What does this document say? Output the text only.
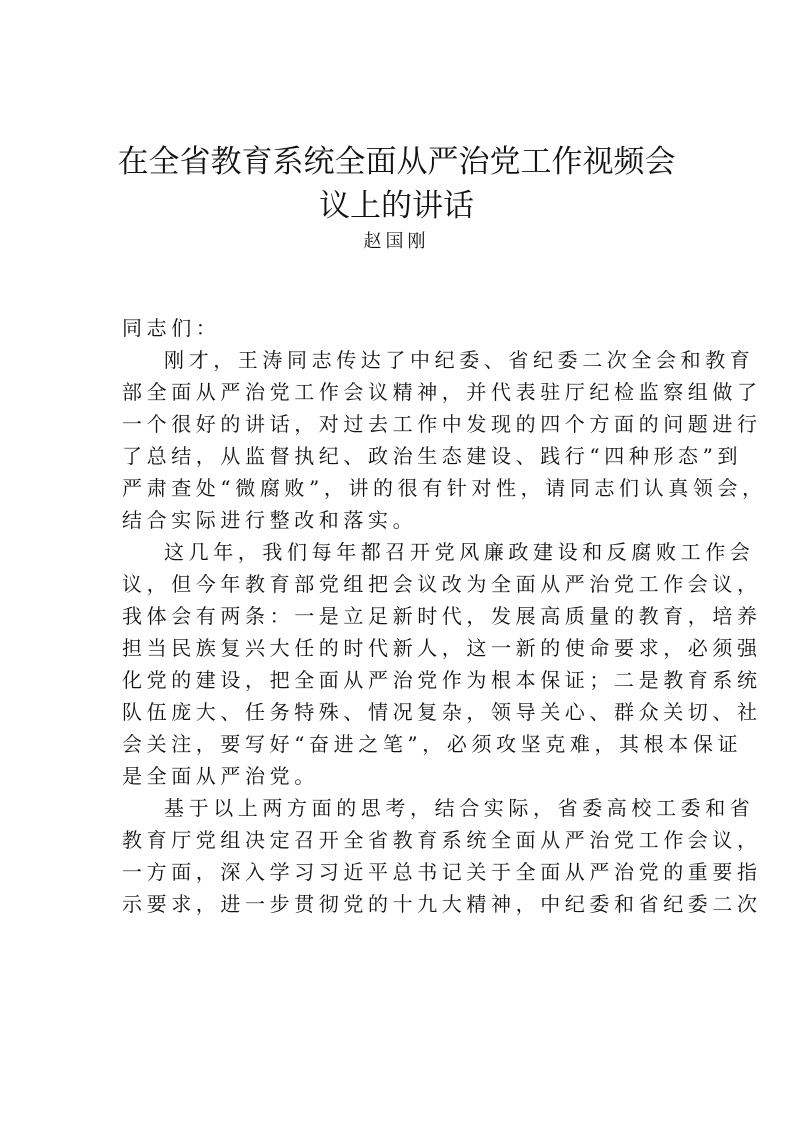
在全省教育系统全面从严治党工作视频会
议上的讲话
赵国刚
同志们：
刚才，王涛同志传达了中纪委、省纪委二次全会和教育
部全面从严治党工作会议精神，并代表驻厅纪检监察组做了
一个很好的讲话，对过去工作中发现的四个方面的问题进行
了总结，从监督执纪、政治生态建设、践行“四种形态”到
严肃查处“微腐败”，讲的很有针对性，请同志们认真领会，
结合实际进行整改和落实。
这几年，我们每年都召开党风廉政建设和反腐败工作会
议，但今年教育部党组把会议改为全面从严治党工作会议，
我体会有两条：一是立足新时代，发展高质量的教育，培养
担当民族复兴大任的时代新人，这一新的使命要求，必须强
化党的建设，把全面从严治党作为根本保证；二是教育系统
队伍庞大、任务特殊、情况复杂，领导关心、群众关切、社
会关注，要写好“奋进之笔”，必须攻坚克难，其根本保证
是全面从严治党。
基于以上两方面的思考，结合实际，省委高校工委和省
教育厅党组决定召开全省教育系统全面从严治党工作会议，
一方面，深入学习习近平总书记关于全面从严治党的重要指
示要求，进一步贯彻党的十九大精神，中纪委和省纪委二次
